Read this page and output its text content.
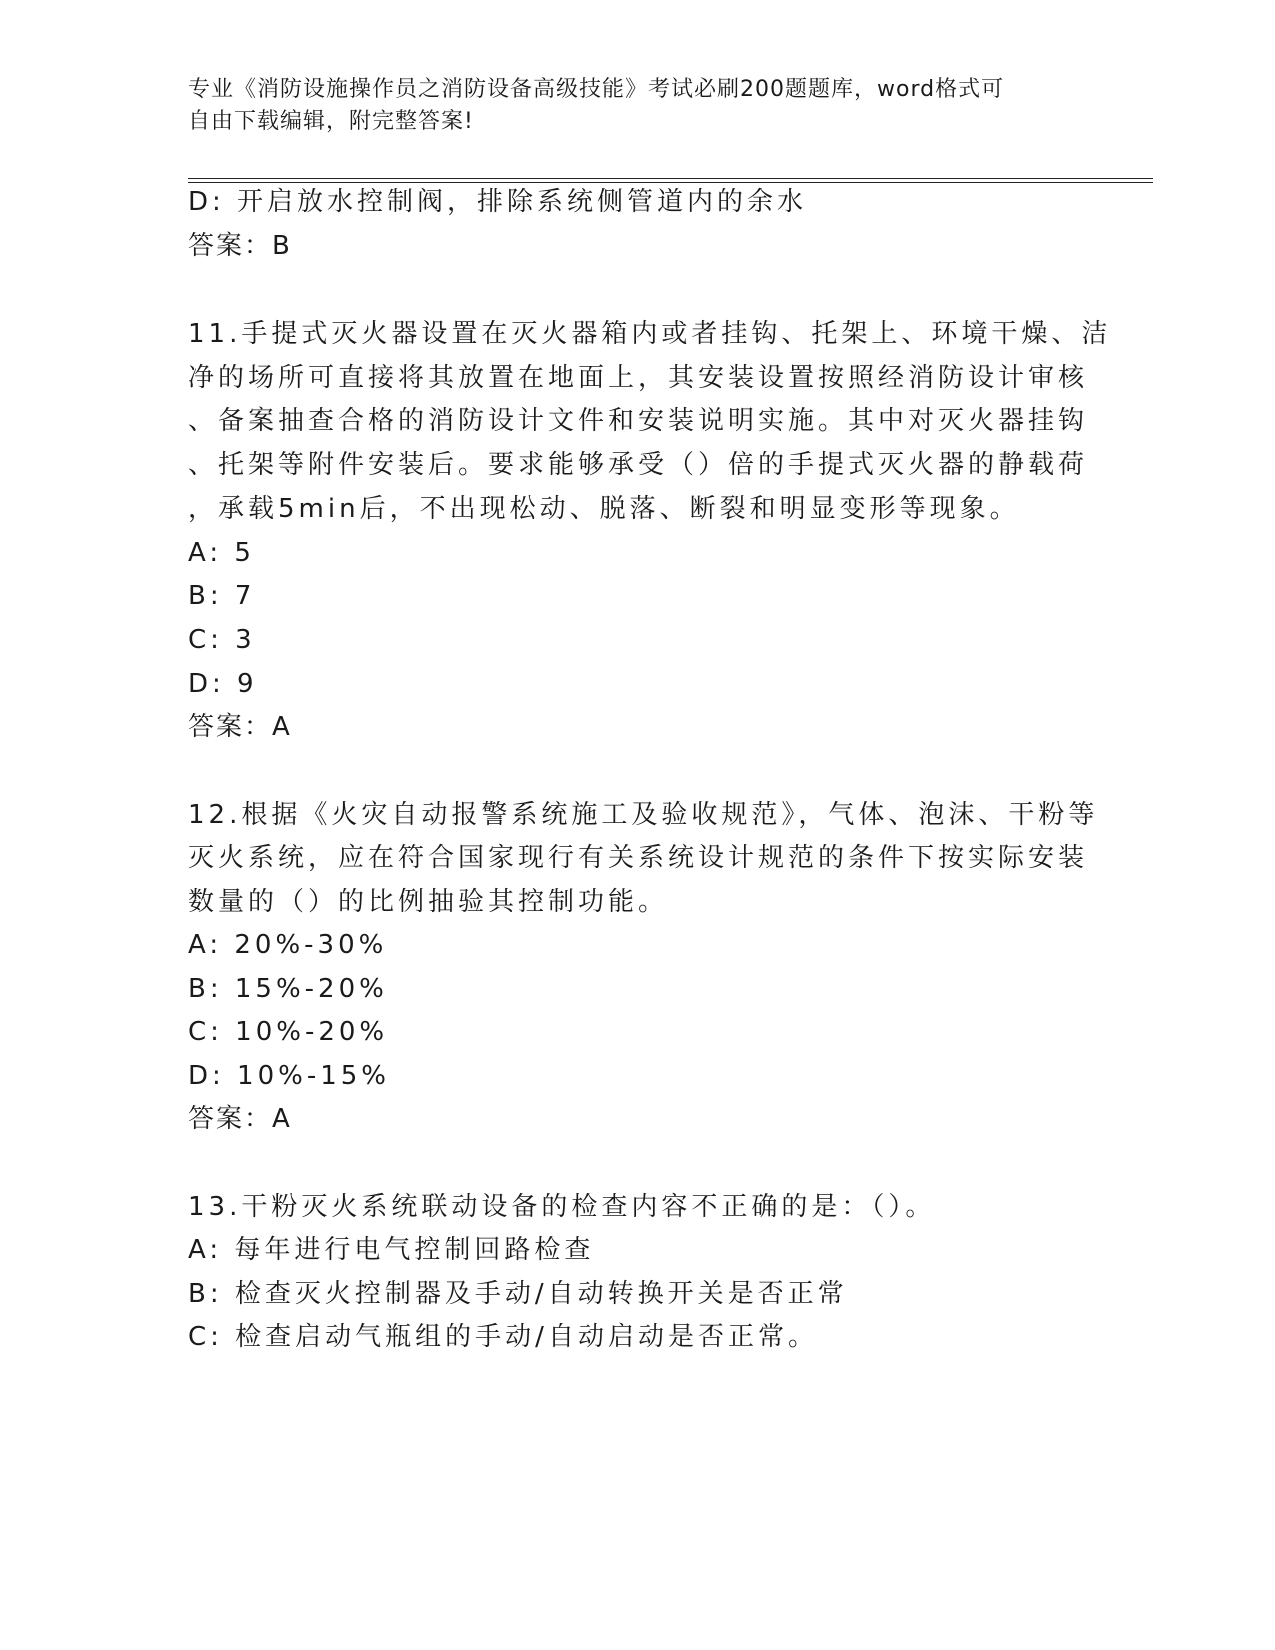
专业《消防设施操作员之消防设备高级技能》考试必刷200题题库，word格式可
自由下载编辑，附完整答案!
D: 开启放水控制阀，排除系统侧管道内的余水
答案：B
11.手提式灭火器设置在灭火器箱内或者挂钩、托架上、环境干燥、洁
净的场所可直接将其放置在地面上，其安装设置按照经消防设计审核
、备案抽查合格的消防设计文件和安装说明实施。其中对灭火器挂钩
、托架等附件安装后。要求能够承受（）倍的手提式灭火器的静载荷
，承载5min后，不出现松动、脱落、断裂和明显变形等现象。
A: 5
B: 7
C: 3
D: 9
答案：A
12.根据《火灾自动报警系统施工及验收规范》，气体、泡沫、干粉等
灭火系统，应在符合国家现行有关系统设计规范的条件下按实际安装
数量的（）的比例抽验其控制功能。
A: 20%-30%
B: 15%-20%
C: 10%-20%
D: 10%-15%
答案：A
13.干粉灭火系统联动设备的检查内容不正确的是：（）。
A: 每年进行电气控制回路检查
B: 检查灭火控制器及手动/自动转换开关是否正常
C: 检查启动气瓶组的手动/自动启动是否正常。
